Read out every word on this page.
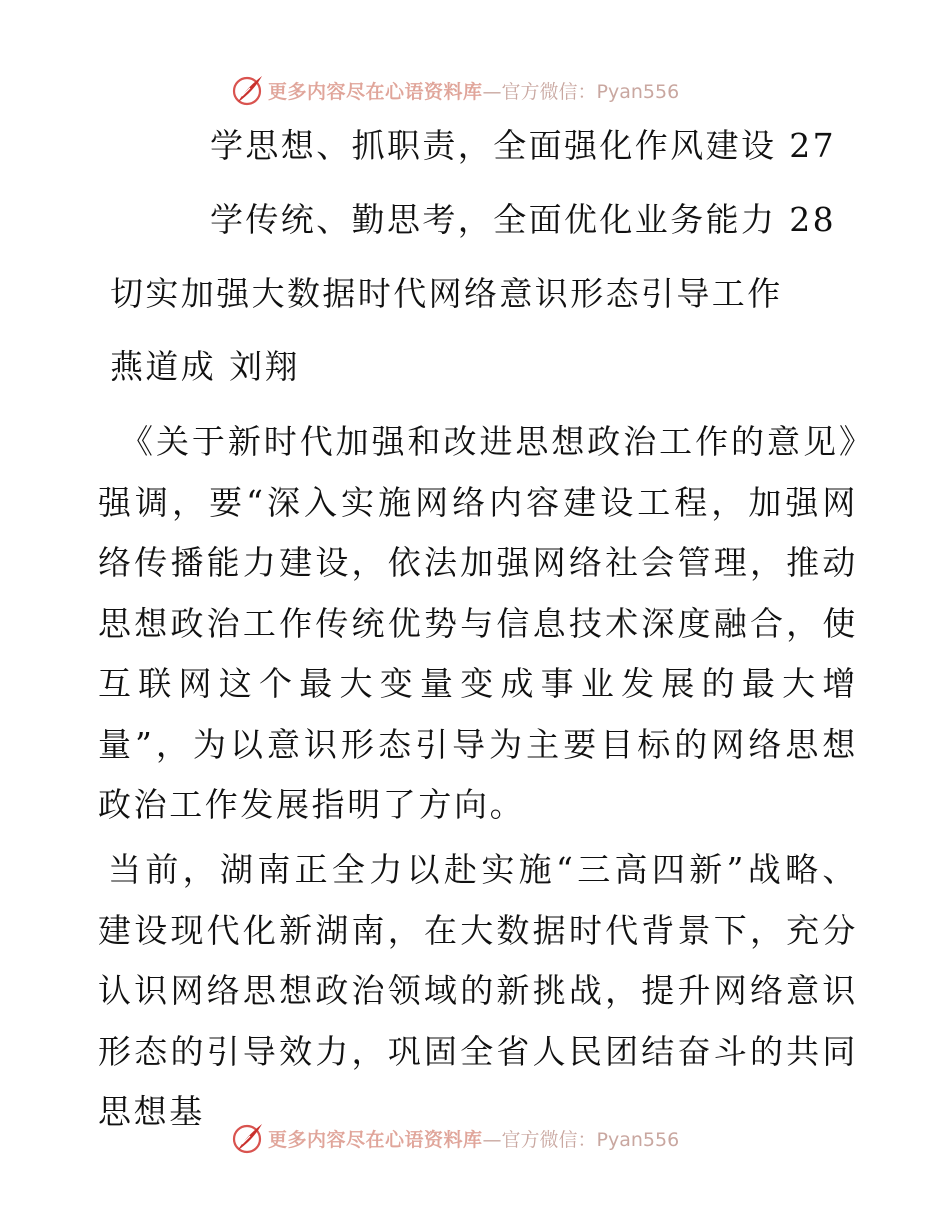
更多内容尽在心语资料库 —官方微信：Pyan556
学思想、抓职责，全面强化作风建设 27
学传统、勤思考，全面优化业务能力 28
切实加强大数据时代网络意识形态引导工作
燕道成 刘翔

《关于新时代加强和改进思想政治工作的意见》强调，要“深入实施网络内容建设工程，加强网络传播能力建设，依法加强网络社会管理，推动思想政治工作传统优势与信息技术深度融合，使互联网这个最大变量变成事业发展的最大增量”，为以意识形态引导为主要目标的网络思想政治工作发展指明了方向。

当前，湖南正全力以赴实施“三高四新”战略、建设现代化新湖南，在大数据时代背景下，充分认识网络思想政治领域的新挑战，提升网络意识形态的引导效力，巩固全省人民团结奋斗的共同思想基

更多内容尽在心语资料库 —官方微信：Pyan556
